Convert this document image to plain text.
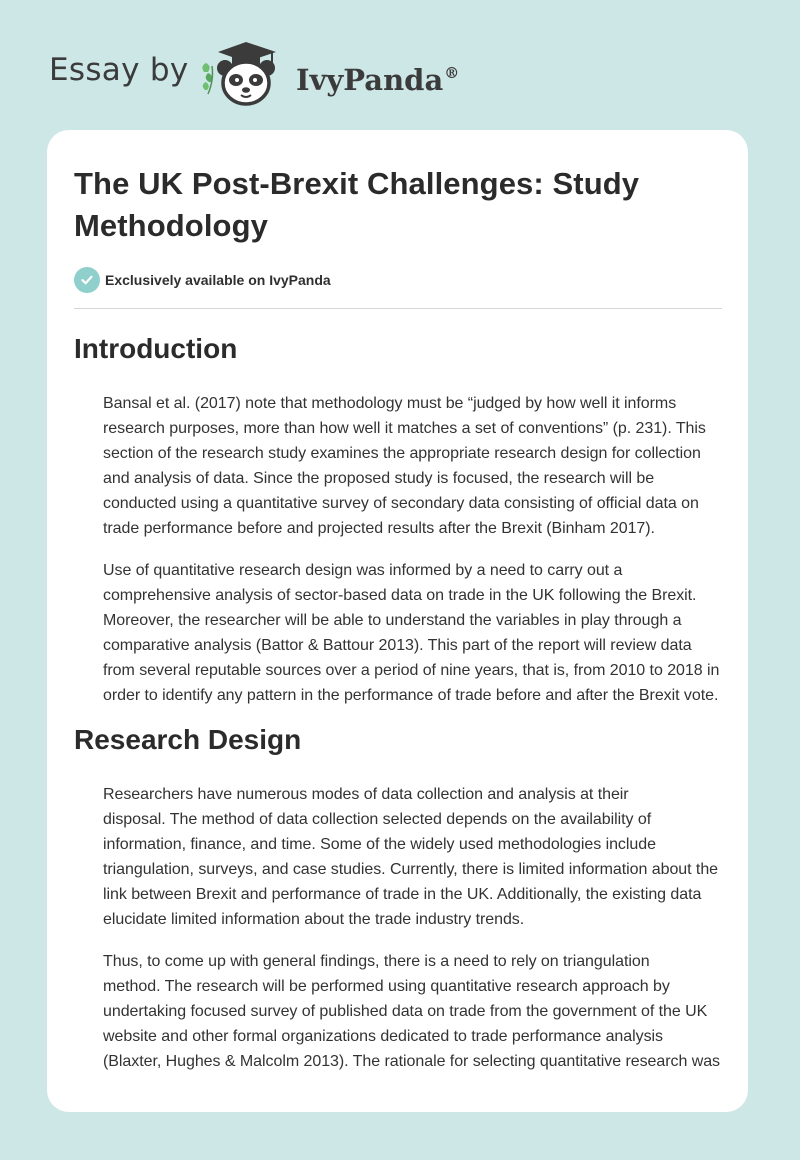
Essay by	IvyPanda®
The UK Post-Brexit Challenges: Study
Methodology
Exclusively available on IvyPanda
Introduction

Bansal et al. (2017) note that methodology must be “judged by how well it informs
research purposes, more than how well it matches a set of conventions” (p. 231). This
section of the research study examines the appropriate research design for collection
and analysis of data. Since the proposed study is focused, the research will be
conducted using a quantitative survey of secondary data consisting of official data on
trade performance before and projected results after the Brexit (Binham 2017).

Use of quantitative research design was informed by a need to carry out a
comprehensive analysis of sector-based data on trade in the UK following the Brexit.
Moreover, the researcher will be able to understand the variables in play through a
comparative analysis (Battor & Battour 2013). This part of the report will review data
from several reputable sources over a period of nine years, that is, from 2010 to 2018 in
order to identify any pattern in the performance of trade before and after the Brexit vote.

Research Design

Researchers have numerous modes of data collection and analysis at their
disposal. The method of data collection selected depends on the availability of
information, finance, and time. Some of the widely used methodologies include
triangulation, surveys, and case studies. Currently, there is limited information about the
link between Brexit and performance of trade in the UK. Additionally, the existing data
elucidate limited information about the trade industry trends.

Thus, to come up with general findings, there is a need to rely on triangulation
method. The research will be performed using quantitative research approach by
undertaking focused survey of published data on trade from the government of the UK
website and other formal organizations dedicated to trade performance analysis
(Blaxter, Hughes & Malcolm 2013). The rationale for selecting quantitative research was
